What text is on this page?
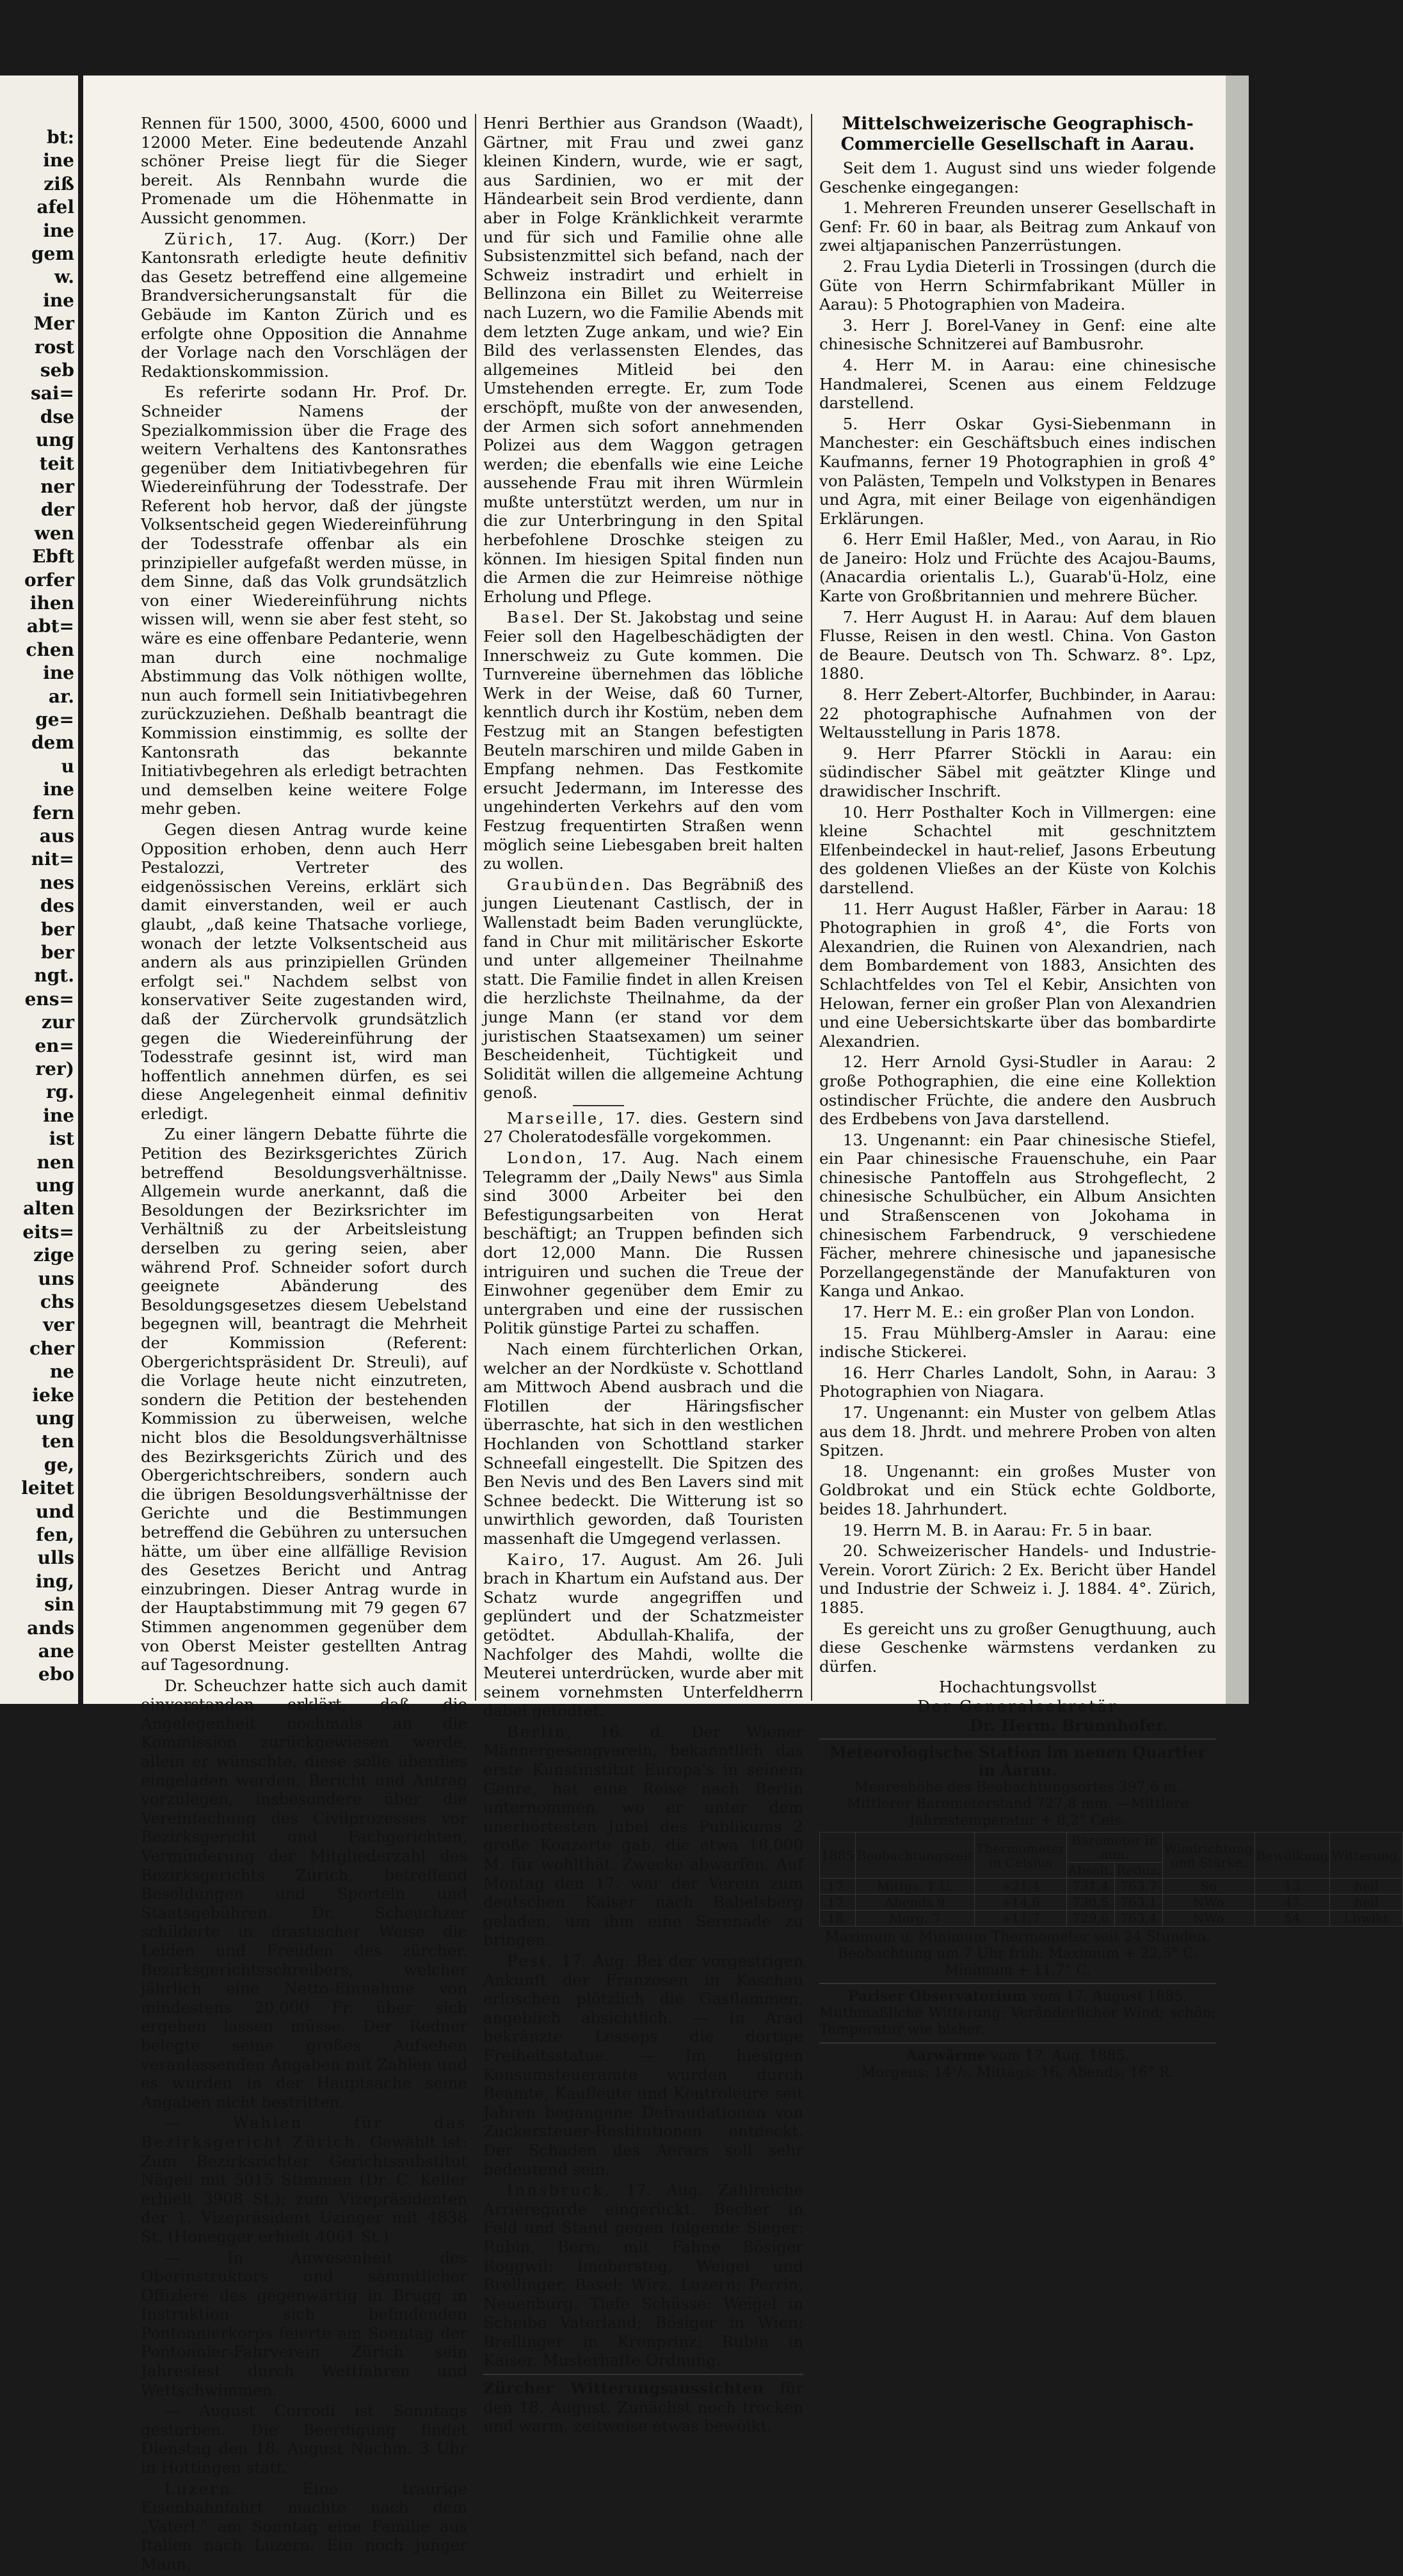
bt:
ine
ziß
afel
ine
gem
w.
ine
Mer
rost
seb
sai=
dse
ung
teit
ner
der
wen
Ebft
orfer
ihen
abt=
chen
ine
ar.
ge=
dem
u
ine
fern
aus
nit=
nes
des
ber
ber
ngt.
ens=
zur
en=
rer)
rg.
ine
ist
nen
ung
alten
eits=
zige
uns
chs
ver
cher
ne
ieke
ung
ten
ge,
leitet
und
fen,
ulls
ing,
sin
ands
ane
ebo

Rennen für 1500, 3000, 4500, 6000 und 12000 Meter. Eine bedeutende Anzahl schöner Preise liegt für die Sieger bereit. Als Rennbahn wurde die Promenade um die Höhenmatte in Aussicht genommen.

Zürich, 17. Aug. (Korr.) Der Kantonsrath erledigte heute definitiv das Gesetz betreffend eine allgemeine Brandversicherungsanstalt für die Gebäude im Kanton Zürich und es erfolgte ohne Opposition die Annahme der Vorlage nach den Vorschlägen der Redaktionskommission.

Es referirte sodann Hr. Prof. Dr. Schneider Namens der Spezialkommission über die Frage des weitern Verhaltens des Kantonsrathes gegenüber dem Initiativbegehren für Wiedereinführung der Todesstrafe. Der Referent hob hervor, daß der jüngste Volksentscheid gegen Wiedereinführung der Todesstrafe offenbar als ein prinzipieller aufgefaßt werden müsse, in dem Sinne, daß das Volk grundsätzlich von einer Wiedereinführung nichts wissen will, wenn sie aber fest steht, so wäre es eine offenbare Pedanterie, wenn man durch eine nochmalige Abstimmung das Volk nöthigen wollte, nun auch formell sein Initiativbegehren zurückzuziehen. Deßhalb beantragt die Kommission einstimmig, es sollte der Kantonsrath das bekannte Initiativbegehren als erledigt betrachten und demselben keine weitere Folge mehr geben.

Gegen diesen Antrag wurde keine Opposition erhoben, denn auch Herr Pestalozzi, Vertreter des eidgenössischen Vereins, erklärt sich damit einverstanden, weil er auch glaubt, „daß keine Thatsache vorliege, wonach der letzte Volksentscheid aus andern als aus prinzipiellen Gründen erfolgt sei." Nachdem selbst von konservativer Seite zugestanden wird, daß der Zürchervolk grundsätzlich gegen die Wiedereinführung der Todesstrafe gesinnt ist, wird man hoffentlich annehmen dürfen, es sei diese Angelegenheit einmal definitiv erledigt.

Zu einer längern Debatte führte die Petition des Bezirksgerichtes Zürich betreffend Besoldungsverhältnisse. Allgemein wurde anerkannt, daß die Besoldungen der Bezirksrichter im Verhältniß zu der Arbeitsleistung derselben zu gering seien, aber während Prof. Schneider sofort durch geeignete Abänderung des Besoldungsgesetzes diesem Uebelstand begegnen will, beantragt die Mehrheit der Kommission (Referent: Obergerichtspräsident Dr. Streuli), auf die Vorlage heute nicht einzutreten, sondern die Petition der bestehenden Kommission zu überweisen, welche nicht blos die Besoldungsverhältnisse des Bezirksgerichts Zürich und des Obergerichtschreibers, sondern auch die übrigen Besoldungsverhältnisse der Gerichte und die Bestimmungen betreffend die Gebühren zu untersuchen hätte, um über eine allfällige Revision des Gesetzes Bericht und Antrag einzubringen. Dieser Antrag wurde in der Hauptabstimmung mit 79 gegen 67 Stimmen angenommen gegenüber dem von Oberst Meister gestellten Antrag auf Tagesordnung.

Dr. Scheuchzer hatte sich auch damit einverstanden erklärt, daß die Angelegenheit nochmals an die Kommission zurückgewiesen werde, allein er wünschte, diese solle überdies eingeladen werden, Bericht und Antrag vorzulegen, insbesondere über die Vereinfachung des Civilprozesses vor Bezirksgericht und Fachgerichten, Verminderung der Mitgliederzahl des Bezirksgerichts Zürich, betreffend Besoldungen und Sporteln und Staatsgebühren. Dr. Scheuchzer schilderte in drastischer Weise die Leiden und Freuden des zürcher. Bezirksgerichtsschreibers, welcher jährlich eine Netto-Einnahme von mindestens 20,000 Fr. über sich ergehen lassen müsse. Der Redner belegte seine großes Aufsehen veranlassenden Angaben mit Zahlen und es wurden in der Hauptsache seine Angaben nicht bestritten.

— Wahlen für das Bezirksgericht Zürich. Gewählt ist: Zum Bezirksrichter Gerichtssubstitut Nägeli mit 5015 Stimmen (Dr. C. Keller erhielt 3908 St.); zum Vizepräsidenten der 1. Vizepräsident Uzinger mit 4838 St. (Honegger erhielt 4061 St.)

— In Anwesenheit des Oberinstruktors und sämmtlicher Offiziere des gegenwärtig in Brugg in Instruktion sich befindenden Pontonnierkorps feierte am Sonntag der Pontonnier-Fahrverein Zürich sein Jahresfest durch Wettfahren und Wettschwimmen.

— August Corrodi ist Sonntags gestorben. Die Beerdigung findet Dienstag den 18. August Nachm. 3 Uhr in Hottingen statt.

Luzern. Eine traurige Eisenbahnfahrt machte nach dem „Vaterl." am Sonntag eine Familie aus Italien nach Luzern. Ein noch junger Mann,

Henri Berthier aus Grandson (Waadt), Gärtner, mit Frau und zwei ganz kleinen Kindern, wurde, wie er sagt, aus Sardinien, wo er mit der Händearbeit sein Brod verdiente, dann aber in Folge Kränklichkeit verarmte und für sich und Familie ohne alle Subsistenzmittel sich befand, nach der Schweiz instradirt und erhielt in Bellinzona ein Billet zu Weiterreise nach Luzern, wo die Familie Abends mit dem letzten Zuge ankam, und wie? Ein Bild des verlassensten Elendes, das allgemeines Mitleid bei den Umstehenden erregte. Er, zum Tode erschöpft, mußte von der anwesenden, der Armen sich sofort annehmenden Polizei aus dem Waggon getragen werden; die ebenfalls wie eine Leiche aussehende Frau mit ihren Würmlein mußte unterstützt werden, um nur in die zur Unterbringung in den Spital herbefohlene Droschke steigen zu können. Im hiesigen Spital finden nun die Armen die zur Heimreise nöthige Erholung und Pflege.

Basel. Der St. Jakobstag und seine Feier soll den Hagelbeschädigten der Innerschweiz zu Gute kommen. Die Turnvereine übernehmen das löbliche Werk in der Weise, daß 60 Turner, kenntlich durch ihr Kostüm, neben dem Festzug mit an Stangen befestigten Beuteln marschiren und milde Gaben in Empfang nehmen. Das Festkomite ersucht Jedermann, im Interesse des ungehinderten Verkehrs auf den vom Festzug frequentirten Straßen wenn möglich seine Liebesgaben breit halten zu wollen.

Graubünden. Das Begräbniß des jungen Lieutenant Castlisch, der in Wallenstadt beim Baden verunglückte, fand in Chur mit militärischer Eskorte und unter allgemeiner Theilnahme statt. Die Familie findet in allen Kreisen die herzlichste Theilnahme, da der junge Mann (er stand vor dem juristischen Staatsexamen) um seiner Bescheidenheit, Tüchtigkeit und Solidität willen die allgemeine Achtung genoß.

Marseille, 17. dies. Gestern sind 27 Choleratodesfälle vorgekommen.

London, 17. Aug. Nach einem Telegramm der „Daily News" aus Simla sind 3000 Arbeiter bei den Befestigungsarbeiten von Herat beschäftigt; an Truppen befinden sich dort 12,000 Mann. Die Russen intriguiren und suchen die Treue der Einwohner gegenüber dem Emir zu untergraben und eine der russischen Politik günstige Partei zu schaffen.

Nach einem fürchterlichen Orkan, welcher an der Nordküste v. Schottland am Mittwoch Abend ausbrach und die Flotillen der Häringsfischer überraschte, hat sich in den westlichen Hochlanden von Schottland starker Schneefall eingestellt. Die Spitzen des Ben Nevis und des Ben Lavers sind mit Schnee bedeckt. Die Witterung ist so unwirthlich geworden, daß Touristen massenhaft die Umgegend verlassen.

Kairo, 17. August. Am 26. Juli brach in Khartum ein Aufstand aus. Der Schatz wurde angegriffen und geplündert und der Schatzmeister getödtet. Abdullah-Khalifa, der Nachfolger des Mahdi, wollte die Meuterei unterdrücken, wurde aber mit seinem vornehmsten Unterfeldherrn dabei getödtet.

Berlin, 16. d. Der Wiener Männergesangverein, bekanntlich das erste Kunstinstitut Europa's in seinem Genre, hat eine Reise nach Berlin unternommen, wo er unter dem unerhörtesten Jubel des Publikums 2 große Konzerte gab, die etwa 18,000 M. für wohlthät. Zwecke abwarfen. Auf Montag den 17. war der Verein zum deutschen Kaiser nach Babelsberg geladen, um ihm eine Serenade zu bringen.

Pest, 17. Aug. Bei der vorgestrigen Ankunft der Franzosen in Kaschau erloschen plötzlich die Gasflammen, angeblich absichtlich. — In Arad bekränzte Lesseps die dortige Freiheitsstatue. — Im hiesigen Konsumsteueramte wurden durch Beamte, Kaufleute und Kontroleure seit Jahren begangene Defraudationen von Zuckersteuer-Restitutionen entdeckt. Der Schaden des Aerars soll sehr bedeutend sein.

Innsbruck, 17. Aug. Zahlreiche Arrièregarde eingerückt. Becher in Feld und Stand gegen folgende Sieger: Rubin, Bern; mit Fahne Bösiger Roggwil; Imobersteg, Weigel und Brellinger, Basel; Wirz, Luzern; Perrin, Neuenburg. Tiefe Schüsse: Weigel in Scheibe Vaterland; Bösiger in Wien; Brellinger in Kronprinz; Rubin in Kaiser. Musterhafte Ordnung.

Zürcher Witterungsaussichten für den 18. August. Zunächst noch trocken und warm, zeitweise etwas bewölkt.

Mittelschweizerische Geographisch-Commercielle Gesellschaft in Aarau.

Seit dem 1. August sind uns wieder folgende Geschenke eingegangen:

1. Mehreren Freunden unserer Gesellschaft in Genf: Fr. 60 in baar, als Beitrag zum Ankauf von zwei altjapanischen Panzerrüstungen.

2. Frau Lydia Dieterli in Trossingen (durch die Güte von Herrn Schirmfabrikant Müller in Aarau): 5 Photographien von Madeira.

3. Herr J. Borel-Vaney in Genf: eine alte chinesische Schnitzerei auf Bambusrohr.

4. Herr M. in Aarau: eine chinesische Handmalerei, Scenen aus einem Feldzuge darstellend.

5. Herr Oskar Gysi-Siebenmann in Manchester: ein Geschäftsbuch eines indischen Kaufmanns, ferner 19 Photographien in groß 4° von Palästen, Tempeln und Volkstypen in Benares und Agra, mit einer Beilage von eigenhändigen Erklärungen.

6. Herr Emil Haßler, Med., von Aarau, in Rio de Janeiro: Holz und Früchte des Acajou-Baums, (Anacardia orientalis L.), Guarab'ü-Holz, eine Karte von Großbritannien und mehrere Bücher.

7. Herr August H. in Aarau: Auf dem blauen Flusse, Reisen in den westl. China. Von Gaston de Beaure. Deutsch von Th. Schwarz. 8°. Lpz, 1880.

8. Herr Zebert-Altorfer, Buchbinder, in Aarau: 22 photographische Aufnahmen von der Weltausstellung in Paris 1878.

9. Herr Pfarrer Stöckli in Aarau: ein südindischer Säbel mit geätzter Klinge und drawidischer Inschrift.

10. Herr Posthalter Koch in Villmergen: eine kleine Schachtel mit geschnitztem Elfenbeindeckel in haut-relief, Jasons Erbeutung des goldenen Vließes an der Küste von Kolchis darstellend.

11. Herr August Haßler, Färber in Aarau: 18 Photographien in groß 4°, die Forts von Alexandrien, die Ruinen von Alexandrien, nach dem Bombardement von 1883, Ansichten des Schlachtfeldes von Tel el Kebir, Ansichten von Helowan, ferner ein großer Plan von Alexandrien und eine Uebersichtskarte über das bombardirte Alexandrien.

12. Herr Arnold Gysi-Studler in Aarau: 2 große Pothographien, die eine eine Kollektion ostindischer Früchte, die andere den Ausbruch des Erdbebens von Java darstellend.

13. Ungenannt: ein Paar chinesische Stiefel, ein Paar chinesische Frauenschuhe, ein Paar chinesische Pantoffeln aus Strohgeflecht, 2 chinesische Schulbücher, ein Album Ansichten und Straßenscenen von Jokohama in chinesischem Farbendruck, 9 verschiedene Fächer, mehrere chinesische und japanesische Porzellangegenstände der Manufakturen von Kanga und Ankao.

17. Herr M. E.: ein großer Plan von London.

15. Frau Mühlberg-Amsler in Aarau: eine indische Stickerei.

16. Herr Charles Landolt, Sohn, in Aarau: 3 Photographien von Niagara.

17. Ungenannt: ein Muster von gelbem Atlas aus dem 18. Jhrdt. und mehrere Proben von alten Spitzen.

18. Ungenannt: ein großes Muster von Goldbrokat und ein Stück echte Goldborte, beides 18. Jahrhundert.

19. Herrn M. B. in Aarau: Fr. 5 in baar.

20. Schweizerischer Handels- und Industrie-Verein. Vorort Zürich: 2 Ex. Bericht über Handel und Industrie der Schweiz i. J. 1884. 4°. Zürich, 1885.

Es gereicht uns zu großer Genugthuung, auch diese Geschenke wärmstens verdanken zu dürfen.

Hochachtungsvollst
Der Generalsekretär
Dr. Herm. Brunnhofer.
Meteorologische Station im neuen Quartier in Aarau.
Meereshöhe des Beobachtungsortes 397,6 m.
Mittlerer Barometerstand 727,8 mm. —Mittlere Jahrestemperatur + 8,2° Cels.
1885	Beobachtungszeit	Thermometer in Celsius	Barometer in mm.		Windrichtung und Stärke.	Bewölkung	Witterung.
			Absolt.	Reduz.			
17.	Mittgs. 1 U.	+21,4	731,4	763,7	So	13	hell
17.	Abends 9	+14,6	730,5	763,1	NWo	47	hell
18.	Morg. 7	+11,7	729,6	763,4	NWo	54	l.bwlkt
Maximum u. Minimum Thermometer seit 24 Stunden.
Beobachtung um 7 Uhr früh: Maximum + 22,5° C.
Minimum + 11,7° C.
Pariser Observatorium vom 17. August 1885.
Muthmaßliche Witterung: Veränderlicher Wind; schön; Temperatur wie bisher.
Aarwärme vom 17. Aug. 1885.
Morgens: 14¹/₂, Mittags: 16, Abends: 16° R.
